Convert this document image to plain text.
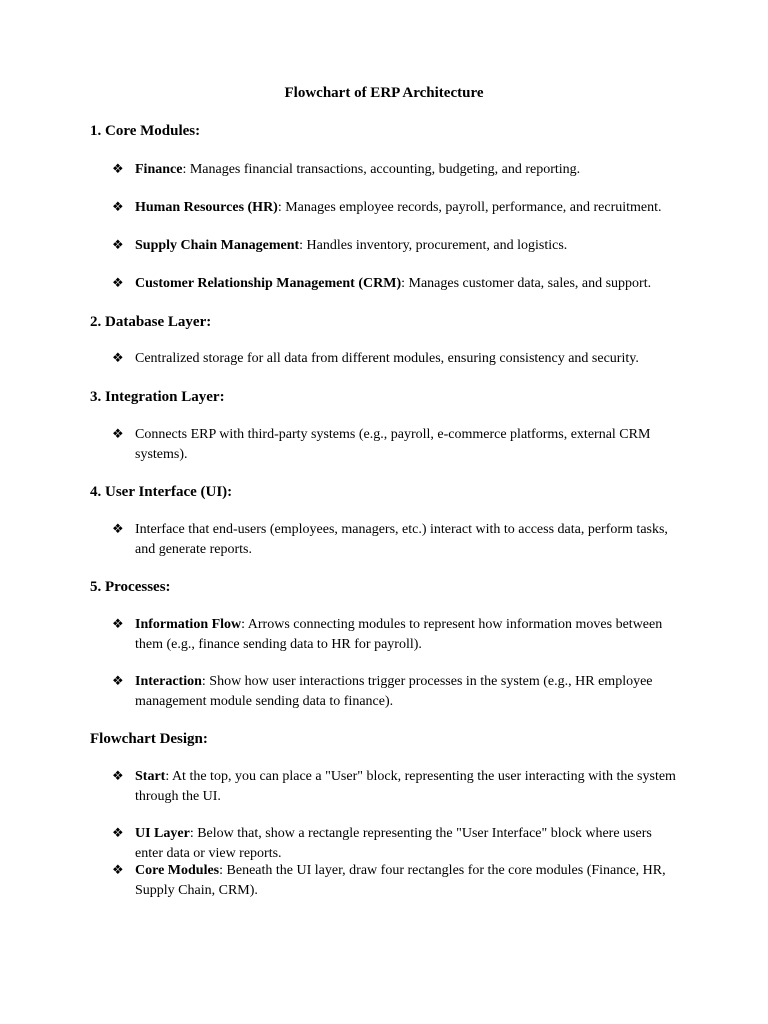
Flowchart of ERP Architecture
1. Core Modules:
❖ Finance: Manages financial transactions, accounting, budgeting, and reporting.
❖ Human Resources (HR): Manages employee records, payroll, performance, and recruitment.
❖ Supply Chain Management: Handles inventory, procurement, and logistics.
❖ Customer Relationship Management (CRM): Manages customer data, sales, and support.
2. Database Layer:
❖ Centralized storage for all data from different modules, ensuring consistency and security.
3. Integration Layer:
❖ Connects ERP with third-party systems (e.g., payroll, e-commerce platforms, external CRM systems).
4. User Interface (UI):
❖ Interface that end-users (employees, managers, etc.) interact with to access data, perform tasks, and generate reports.
5. Processes:
❖ Information Flow: Arrows connecting modules to represent how information moves between them (e.g., finance sending data to HR for payroll).
❖ Interaction: Show how user interactions trigger processes in the system (e.g., HR employee management module sending data to finance).
Flowchart Design:
❖ Start: At the top, you can place a "User" block, representing the user interacting with the system through the UI.
❖ UI Layer: Below that, show a rectangle representing the "User Interface" block where users enter data or view reports.
❖ Core Modules: Beneath the UI layer, draw four rectangles for the core modules (Finance, HR, Supply Chain, CRM).
